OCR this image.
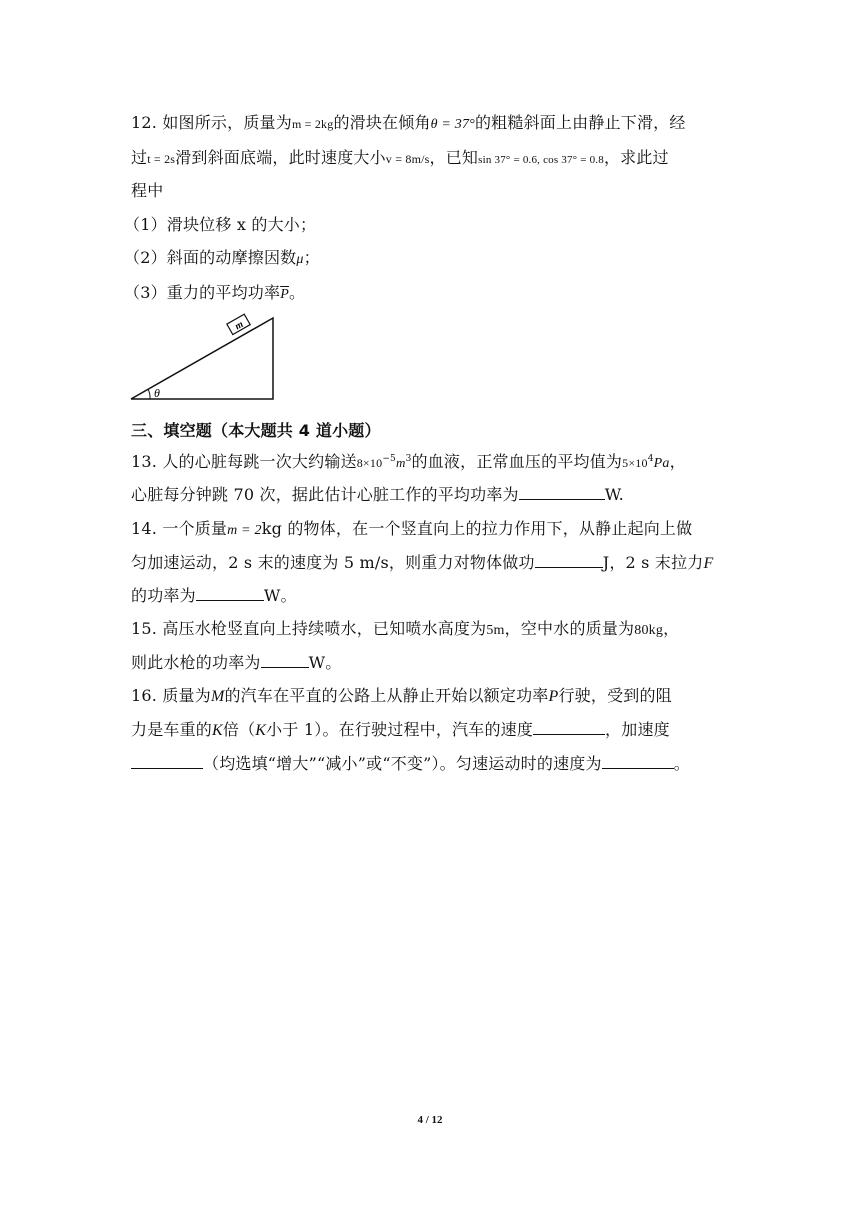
12. 如图所示，质量为m = 2kg的滑块在倾角θ = 37°的粗糙斜面上由静止下滑，经
过t = 2s滑到斜面底端，此时速度大小v = 8m/s，已知sin 37° = 0.6, cos 37° = 0.8，求此过
程中
（1）滑块位移 x 的大小；
（2）斜面的动摩擦因数μ；
（3）重力的平均功率$\overline{P}$。
m
θ
三、填空题（本大题共 4 道小题）
13. 人的心脏每跳一次大约输送$8\times 10^{-5}m^3$的血液，正常血压的平均值为$5\times 10^4Pa$，
心脏每分钟跳 70 次，据此估计心脏工作的平均功率为	W.
14. 一个质量m = 2kg 的物体，在一个竖直向上的拉力作用下，从静止起向上做
匀加速运动，2 s 末的速度为 5 m/s，则重力对物体做功	J，2 s 末拉力F
的功率为	W。
15. 高压水枪竖直向上持续喷水，已知喷水高度为5m，空中水的质量为80kg，
则此水枪的功率为	W。
16. 质量为M的汽车在平直的公路上从静止开始以额定功率P行驶，受到的阻
力是车重的K倍（K小于 1）。在行驶过程中，汽车的速度	，加速度
（均选填“增大”“减小”或“不变”）。匀速运动时的速度为	。
4 / 12
